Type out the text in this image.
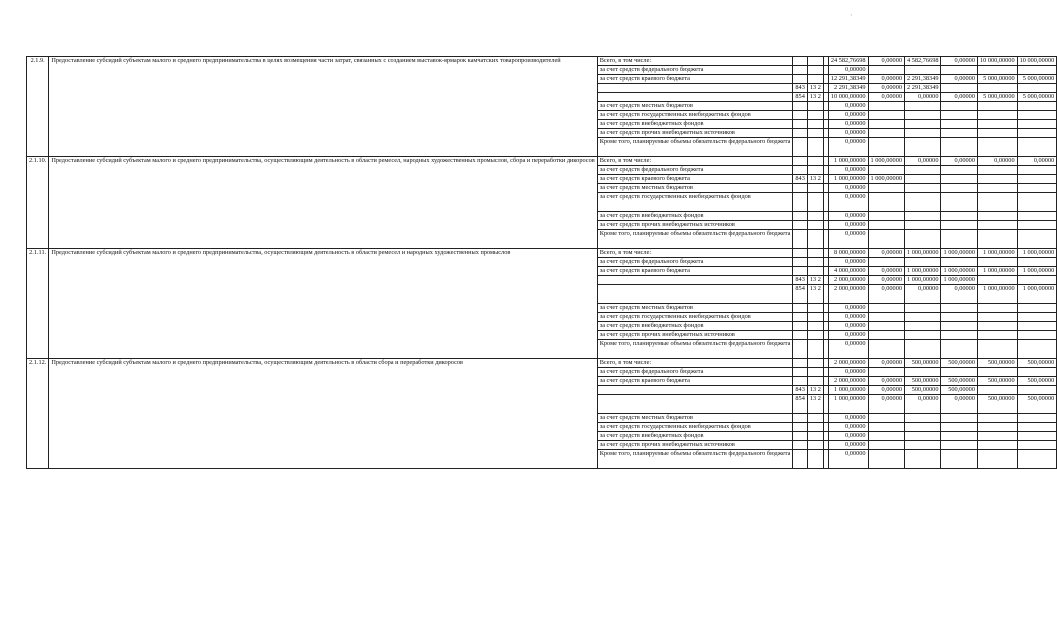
`
2.1.9.	Предоставление субсидий субъектам малого и среднего предпринимательства в целях возмещения части затрат, связанных с созданием выставок-ярмарок камчатских товаропроизводителей	Всего, в том числе:				24 582,76698	0,00000	4 582,76698	0,00000	10 000,00000	10 000,00000
		за счет средств федерального бюджета				0,00000					
		за счет средств краевого бюджета				12 291,38349	0,00000	2 291,38349	0,00000	5 000,00000	5 000,00000
			843	13 2		2 291,38349	0,00000	2 291,38349			
			854	13 2		10 000,00000	0,00000	0,00000	0,00000	5 000,00000	5 000,00000
		за счет средств местных бюджетов				0,00000					
		за счет средств государственных внебюджетных фондов				0,00000					
		за счет средств внебюджетных фондов				0,00000					
		за счет средств прочих внебюджетных источников				0,00000					
		Кроме того, планируемые объемы обязательств федерального бюджета				0,00000					
2.1.10.	Предоставление субсидий субъектам малого и среднего предпринимательства, осуществляющим деятельность в области ремесел, народных художественных промыслов, сбора и переработки дикоросов	Всего, в том числе:				1 000,00000	1 000,00000	0,00000	0,00000	0,00000	0,00000
		за счет средств федерального бюджета				0,00000					
		за счет средств краевого бюджета	843	13 2		1 000,00000	1 000,00000				
		за счет средств местных бюджетов				0,00000					
		за счет средств государственных внебюджетных фондов				0,00000					
		за счет средств внебюджетных фондов				0,00000					
		за счет средств прочих внебюджетных источников				0,00000					
		Кроме того, планируемые объемы обязательств федерального бюджета				0,00000					
2.1.11.	Предоставление субсидий субъектам малого и среднего предпринимательства, осуществляющим деятельность в области ремесел и народных художественных промыслов	Всего, в том числе:				8 000,00000	0,00000	1 000,00000	1 000,00000	1 000,00000	1 000,00000
		за счет средств федерального бюджета				0,00000					
		за счет средств краевого бюджета				4 000,00000	0,00000	1 000,00000	1 000,00000	1 000,00000	1 000,00000
			843	13 2		2 000,00000	0,00000	1 000,00000	1 000,00000		
			854	13 2		2 000,00000	0,00000	0,00000	0,00000	1 000,00000	1 000,00000
		за счет средств местных бюджетов				0,00000					
		за счет средств государственных внебюджетных фондов				0,00000					
		за счет средств внебюджетных фондов				0,00000					
		за счет средств прочих внебюджетных источников				0,00000					
		Кроме того, планируемые объемы обязательств федерального бюджета				0,00000					
2.1.12.	Предоставление субсидий субъектам малого и среднего предпринимательства, осуществляющим деятельность в области сбора и переработки дикоросов	Всего, в том числе:				2 000,00000	0,00000	500,00000	500,00000	500,00000	500,00000
		за счет средств федерального бюджета				0,00000					
		за счет средств краевого бюджета				2 000,00000	0,00000	500,00000	500,00000	500,00000	500,00000
			843	13 2		1 000,00000	0,00000	500,00000	500,00000		
			854	13 2		1 000,00000	0,00000	0,00000	0,00000	500,00000	500,00000
		за счет средств местных бюджетов				0,00000					
		за счет средств государственных внебюджетных фондов				0,00000					
		за счет средств внебюджетных фондов				0,00000					
		за счет средств прочих внебюджетных источников				0,00000					
		Кроме того, планируемые объемы обязательств федерального бюджета				0,00000					
